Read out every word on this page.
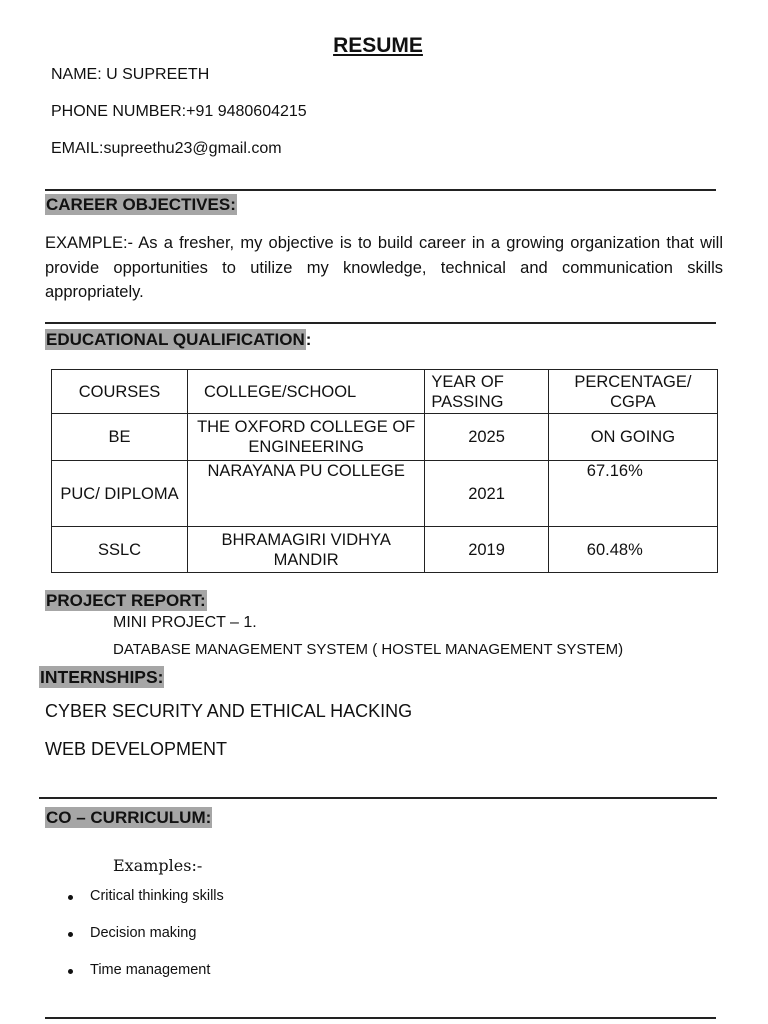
RESUME
NAME: U SUPREETH
PHONE NUMBER:+91 9480604215
EMAIL:supreethu23@gmail.com
CAREER OBJECTIVES:
EXAMPLE:- As a fresher, my objective is to build career in a growing organization that will provide opportunities to utilize my knowledge, technical and communication skills appropriately.
EDUCATIONAL QUALIFICATION:
COURSES	COLLEGE/SCHOOL	YEAR OF PASSING	PERCENTAGE/ CGPA
BE	THE OXFORD COLLEGE OF ENGINEERING	2025	ON GOING
PUC/ DIPLOMA	NARAYANA PU COLLEGE	2021	67.16%
SSLC	BHRAMAGIRI VIDHYA MANDIR	2019	60.48%
PROJECT REPORT:
MINI PROJECT – 1.
DATABASE MANAGEMENT SYSTEM ( HOSTEL MANAGEMENT SYSTEM)
INTERNSHIPS:
CYBER SECURITY AND ETHICAL HACKING
WEB DEVELOPMENT
CO – CURRICULUM:
Examples:-
Critical thinking skills
Decision making
Time management
